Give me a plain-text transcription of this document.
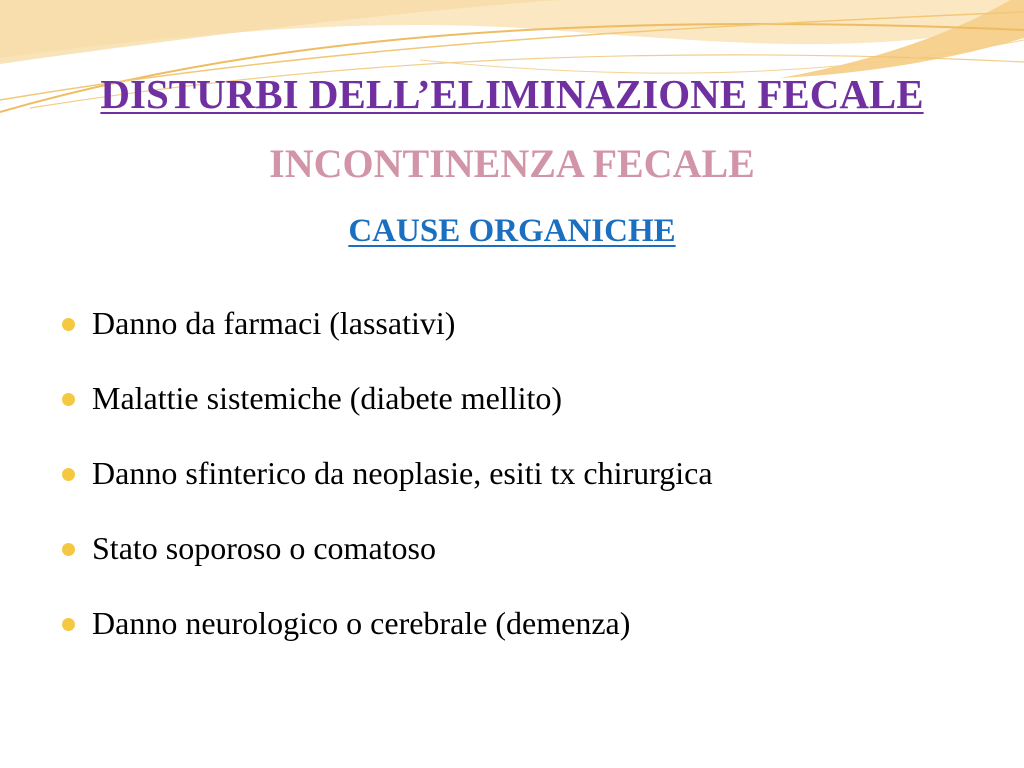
DISTURBI DELL’ELIMINAZIONE FECALE
INCONTINENZA FECALE
CAUSE ORGANICHE
Danno da farmaci (lassativi)
Malattie sistemiche (diabete mellito)
Danno sfinterico da neoplasie, esiti tx chirurgica
Stato soporoso o comatoso
Danno neurologico o cerebrale (demenza)
